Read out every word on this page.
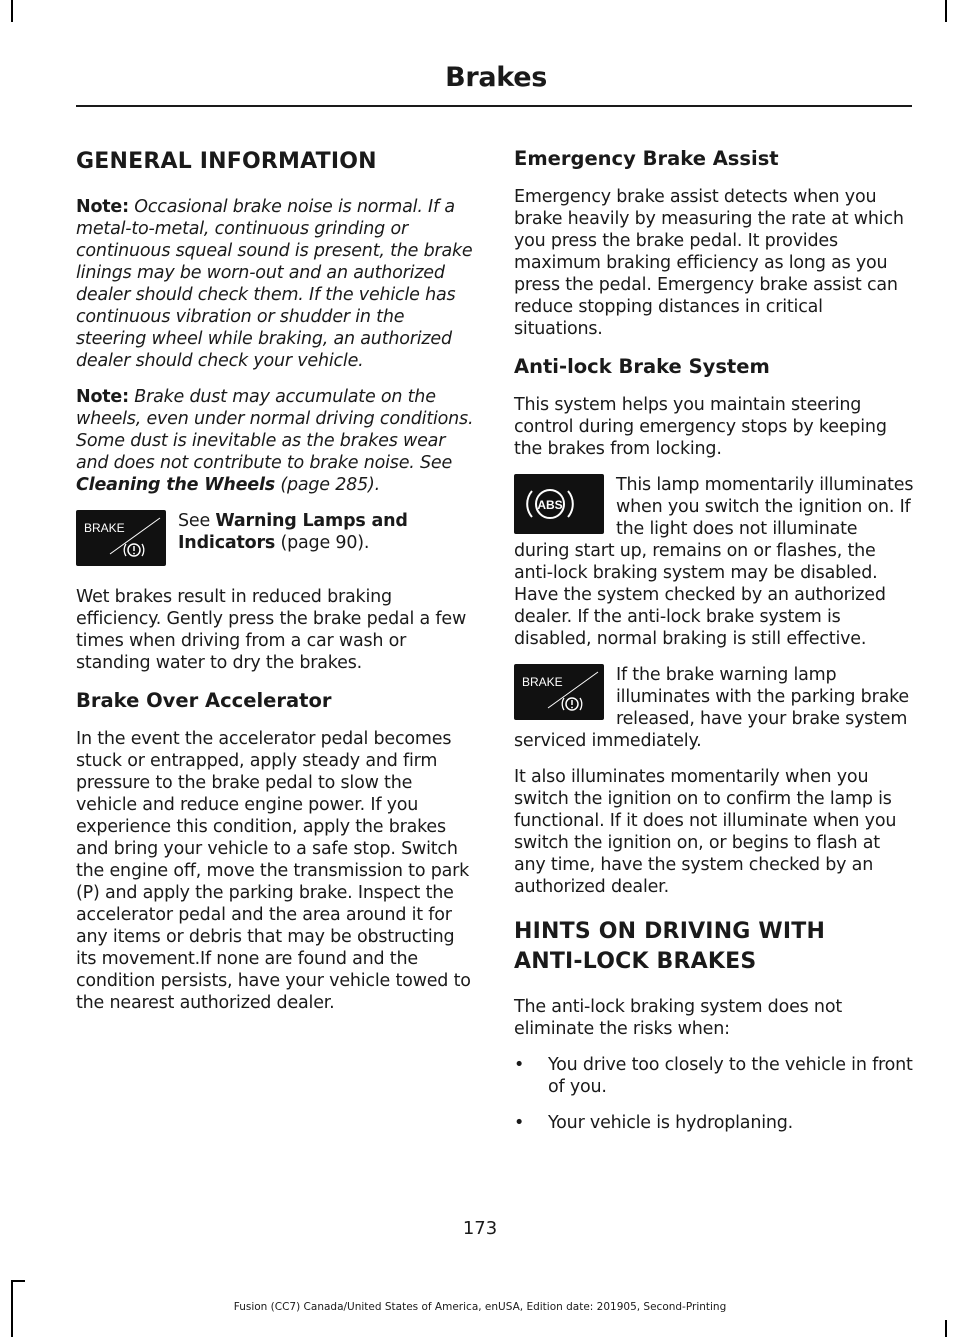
Brakes
GENERAL INFORMATION

Note: Occasional brake noise is normal. If a metal-to-metal, continuous grinding or continuous squeal sound is present, the brake linings may be worn-out and an authorized dealer should check them. If the vehicle has continuous vibration or shudder in the steering wheel while braking, an authorized dealer should check your vehicle.

Note: Brake dust may accumulate on the wheels, even under normal driving conditions. Some dust is inevitable as the brakes wear and does not contribute to brake noise. See Cleaning the Wheels (page 285).

BRAKE	See Warning Lamps and Indicators (page 90).

Wet brakes result in reduced braking efficiency. Gently press the brake pedal a few times when driving from a car wash or standing water to dry the brakes.

Brake Over Accelerator

In the event the accelerator pedal becomes stuck or entrapped, apply steady and firm pressure to the brake pedal to slow the vehicle and reduce engine power. If you experience this condition, apply the brakes and bring your vehicle to a safe stop. Switch the engine off, move the transmission to park (P) and apply the parking brake. Inspect the accelerator pedal and the area around it for any items or debris that may be obstructing its movement.If none are found and the condition persists, have your vehicle towed to the nearest authorized dealer.

Emergency Brake Assist

Emergency brake assist detects when you brake heavily by measuring the rate at which you press the brake pedal. It provides maximum braking efficiency as long as you press the pedal. Emergency brake assist can reduce stopping distances in critical situations.

Anti-lock Brake System

This system helps you maintain steering control during emergency stops by keeping the brakes from locking.

ABS

This lamp momentarily illuminates when you switch the ignition on. If the light does not illuminate during start up, remains on or flashes, the anti-lock braking system may be disabled. Have the system checked by an authorized dealer. If the anti-lock brake system is disabled, normal braking is still effective.

BRAKE	If the brake warning lamp illuminates with the parking brake released, have your brake system serviced immediately.

It also illuminates momentarily when you switch the ignition on to confirm the lamp is functional. If it does not illuminate when you switch the ignition on, or begins to flash at any time, have the system checked by an authorized dealer.

HINTS ON DRIVING WITH
ANTI-LOCK BRAKES

The anti-lock braking system does not eliminate the risks when:

• You drive too closely to the vehicle in front of you.
• Your vehicle is hydroplaning.
173
Fusion (CC7) Canada/United States of America, enUSA, Edition date: 201905, Second-Printing
